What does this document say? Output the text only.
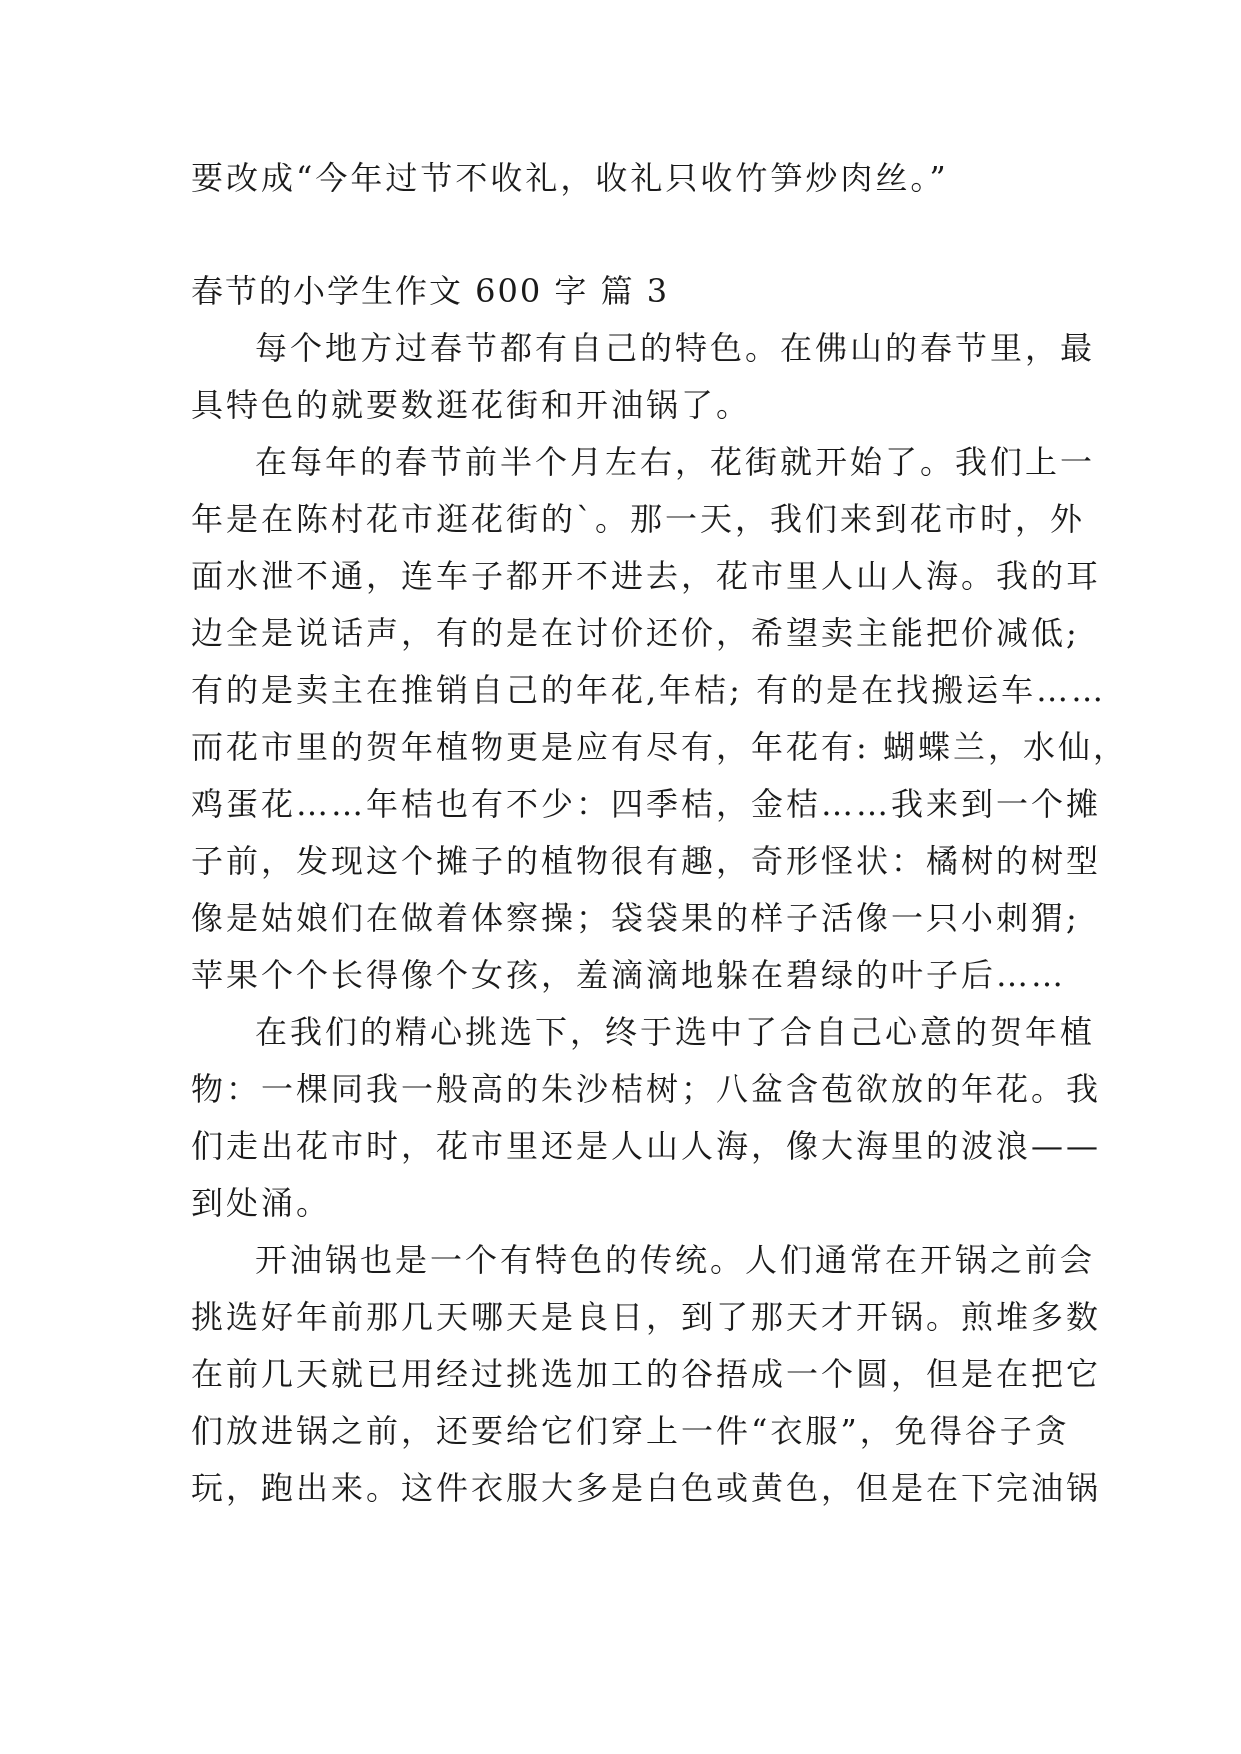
要改成“今年过节不收礼，收礼只收竹笋炒肉丝。”
春节的小学生作文 600 字 篇 3
每个地方过春节都有自己的特色。在佛山的春节里，最
具特色的就要数逛花街和开油锅了。
在每年的春节前半个月左右，花街就开始了。我们上一
年是在陈村花市逛花街的`。那一天，我们来到花市时，外
面水泄不通，连车子都开不进去，花市里人山人海。我的耳
边全是说话声，有的是在讨价还价，希望卖主能把价减低;
有的是卖主在推销自己的年花,年桔; 有的是在找搬运车……
而花市里的贺年植物更是应有尽有，年花有: 蝴蝶兰，水仙，
鸡蛋花……年桔也有不少：四季桔，金桔……我来到一个摊
子前，发现这个摊子的植物很有趣，奇形怪状：橘树的树型
像是姑娘们在做着体察操；袋袋果的样子活像一只小刺猬;
苹果个个长得像个女孩，羞滴滴地躲在碧绿的叶子后……
在我们的精心挑选下，终于选中了合自己心意的贺年植
物：一棵同我一般高的朱沙桔树；八盆含苞欲放的年花。我
们走出花市时，花市里还是人山人海，像大海里的波浪——
到处涌。
开油锅也是一个有特色的传统。人们通常在开锅之前会
挑选好年前那几天哪天是良日，到了那天才开锅。煎堆多数
在前几天就已用经过挑选加工的谷捂成一个圆，但是在把它
们放进锅之前，还要给它们穿上一件“衣服”，免得谷子贪
玩，跑出来。这件衣服大多是白色或黄色，但是在下完油锅
